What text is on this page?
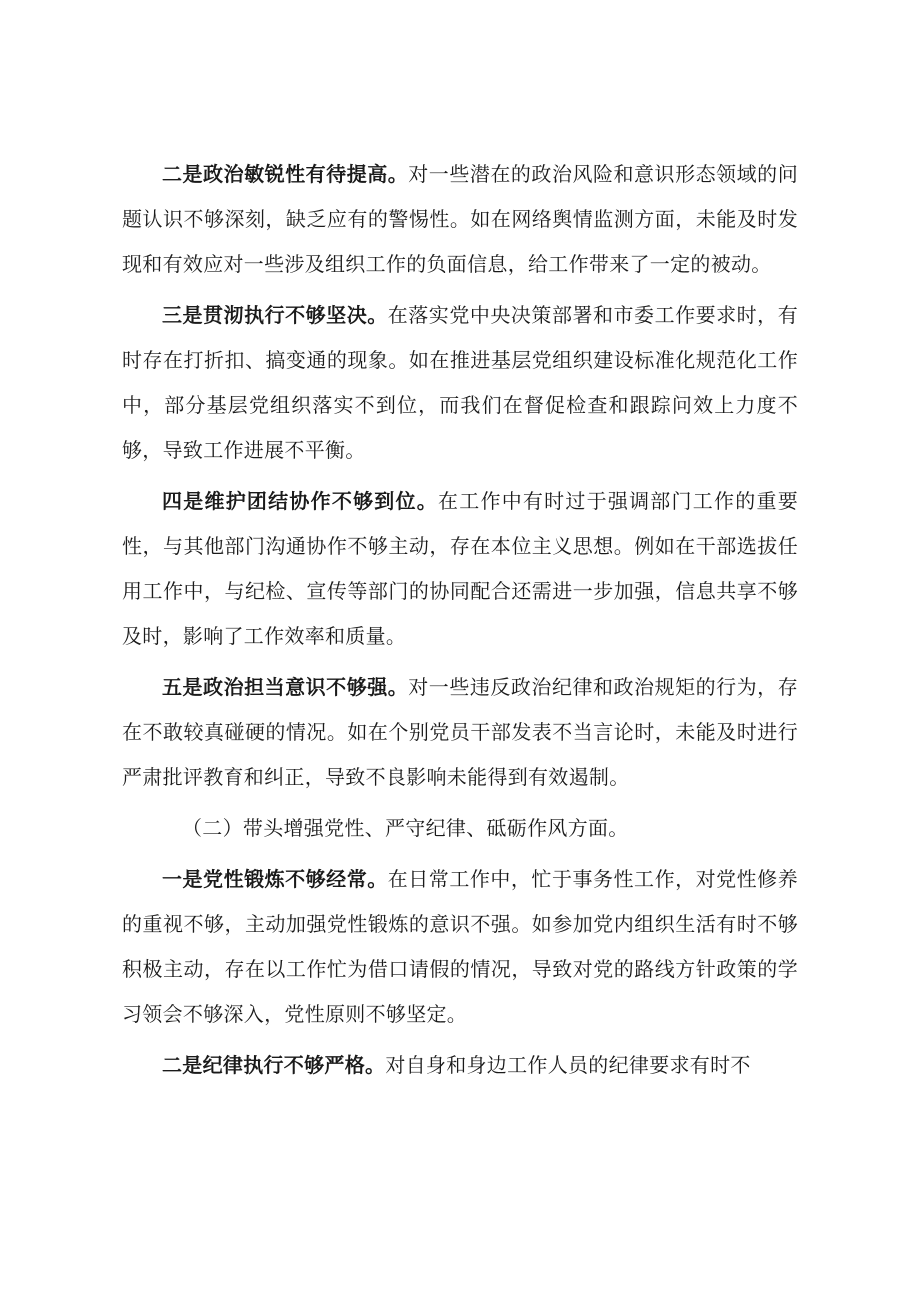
二是政治敏锐性有待提高。对一些潜在的政治风险和意识形态领域的问题认识不够深刻，缺乏应有的警惕性。如在网络舆情监测方面，未能及时发现和有效应对一些涉及组织工作的负面信息，给工作带来了一定的被动。

三是贯沏执行不够坚决。在落实党中央决策部署和市委工作要求时，有时存在打折扣、搞变通的现象。如在推进基层党组织建设标准化规范化工作中，部分基层党组织落实不到位，而我们在督促检查和跟踪问效上力度不够，导致工作进展不平衡。

四是维护团结协作不够到位。在工作中有时过于强调部门工作的重要性，与其他部门沟通协作不够主动，存在本位主义思想。例如在干部选拔任用工作中，与纪检、宣传等部门的协同配合还需进一步加强，信息共享不够及时，影响了工作效率和质量。

五是政治担当意识不够强。对一些违反政治纪律和政治规矩的行为，存在不敢较真碰硬的情况。如在个别党员干部发表不当言论时，未能及时进行严肃批评教育和纠正，导致不良影响未能得到有效遏制。

（二）带头增强党性、严守纪律、砥砺作风方面。

一是党性锻炼不够经常。在日常工作中，忙于事务性工作，对党性修养的重视不够，主动加强党性锻炼的意识不强。如参加党内组织生活有时不够积极主动，存在以工作忙为借口请假的情况，导致对党的路线方针政策的学习领会不够深入，党性原则不够坚定。

二是纪律执行不够严格。对自身和身边工作人员的纪律要求有时不
